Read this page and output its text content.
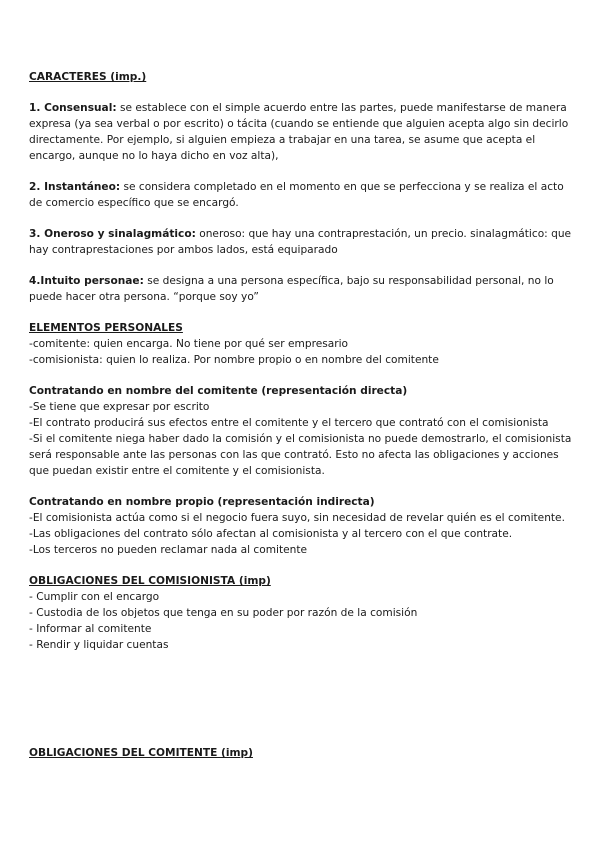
CARACTERES (imp.)

1. Consensual: se establece con el simple acuerdo entre las partes, puede manifestarse de manera expresa (ya sea verbal o por escrito) o tácita (cuando se entiende que alguien acepta algo sin decirlo directamente. Por ejemplo, si alguien empieza a trabajar en una tarea, se asume que acepta el encargo, aunque no lo haya dicho en voz alta),

2. Instantáneo: se considera completado en el momento en que se perfecciona y se realiza el acto de comercio específico que se encargó.

3. Oneroso y sinalagmático: oneroso: que hay una contraprestación, un precio. sinalagmático: que hay contraprestaciones por ambos lados, está equiparado

4.Intuito personae: se designa a una persona específica, bajo su responsabilidad personal, no lo puede hacer otra persona. “porque soy yo”

ELEMENTOS PERSONALES

-comitente: quien encarga. No tiene por qué ser empresario

-comisionista: quien lo realiza. Por nombre propio o en nombre del comitente

Contratando en nombre del comitente (representación directa)

-Se tiene que expresar por escrito

-El contrato producirá sus efectos entre el comitente y el tercero que contrató con el comisionista

-Si el comitente niega haber dado la comisión y el comisionista no puede demostrarlo, el comisionista será responsable ante las personas con las que contrató. Esto no afecta las obligaciones y acciones que puedan existir entre el comitente y el comisionista.

Contratando en nombre propio (representación indirecta)

-El comisionista actúa como si el negocio fuera suyo, sin necesidad de revelar quién es el comitente.

-Las obligaciones del contrato sólo afectan al comisionista y al tercero con el que contrate.

-Los terceros no pueden reclamar nada al comitente

OBLIGACIONES DEL COMISIONISTA (imp)

- Cumplir con el encargo

- Custodia de los objetos que tenga en su poder por razón de la comisión

- Informar al comitente

- Rendir y liquidar cuentas

OBLIGACIONES DEL COMITENTE (imp)
